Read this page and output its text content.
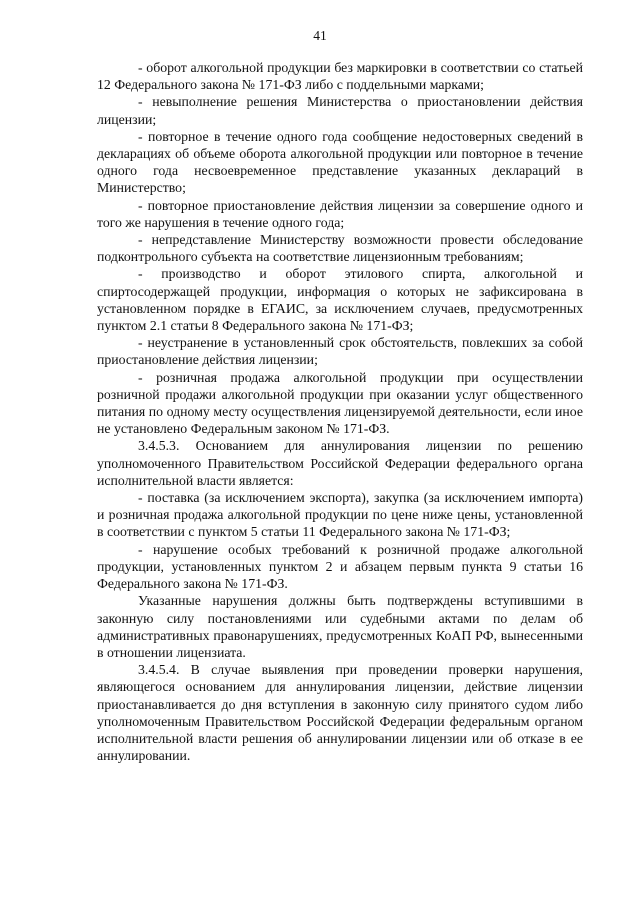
41

- оборот алкогольной продукции без маркировки в соответствии со статьей 12 Федерального закона № 171-ФЗ либо с поддельными марками;

- невыполнение решения Министерства о приостановлении действия лицензии;

- повторное в течение одного года сообщение недостоверных сведений в декларациях об объеме оборота алкогольной продукции или повторное в течение одного года несвоевременное представление указанных деклараций в Министерство;

- повторное приостановление действия лицензии за совершение одного и того же нарушения в течение одного года;

- непредставление Министерству возможности провести обследование подконтрольного субъекта на соответствие лицензионным требованиям;

- производство и оборот этилового спирта, алкогольной и спиртосодержащей продукции, информация о которых не зафиксирована в установленном порядке в ЕГАИС, за исключением случаев, предусмотренных пунктом 2.1 статьи 8 Федерального закона № 171-ФЗ;

- неустранение в установленный срок обстоятельств, повлекших за собой приостановление действия лицензии;

- розничная продажа алкогольной продукции при осуществлении розничной продажи алкогольной продукции при оказании услуг общественного питания по одному месту осуществления лицензируемой деятельности, если иное не установлено Федеральным законом № 171-ФЗ.

3.4.5.3. Основанием для аннулирования лицензии по решению уполномоченного Правительством Российской Федерации федерального органа исполнительной власти является:

- поставка (за исключением экспорта), закупка (за исключением импорта) и розничная продажа алкогольной продукции по цене ниже цены, установленной в соответствии с пунктом 5 статьи 11 Федерального закона № 171-ФЗ;

- нарушение особых требований к розничной продаже алкогольной продукции, установленных пунктом 2 и абзацем первым пункта 9 статьи 16 Федерального закона № 171-ФЗ.

Указанные нарушения должны быть подтверждены вступившими в законную силу постановлениями или судебными актами по делам об административных правонарушениях, предусмотренных КоАП РФ, вынесенными в отношении лицензиата.

3.4.5.4. В случае выявления при проведении проверки нарушения, являющегося основанием для аннулирования лицензии, действие лицензии приостанавливается до дня вступления в законную силу принятого судом либо уполномоченным Правительством Российской Федерации федеральным органом исполнительной власти решения об аннулировании лицензии или об отказе в ее аннулировании.
